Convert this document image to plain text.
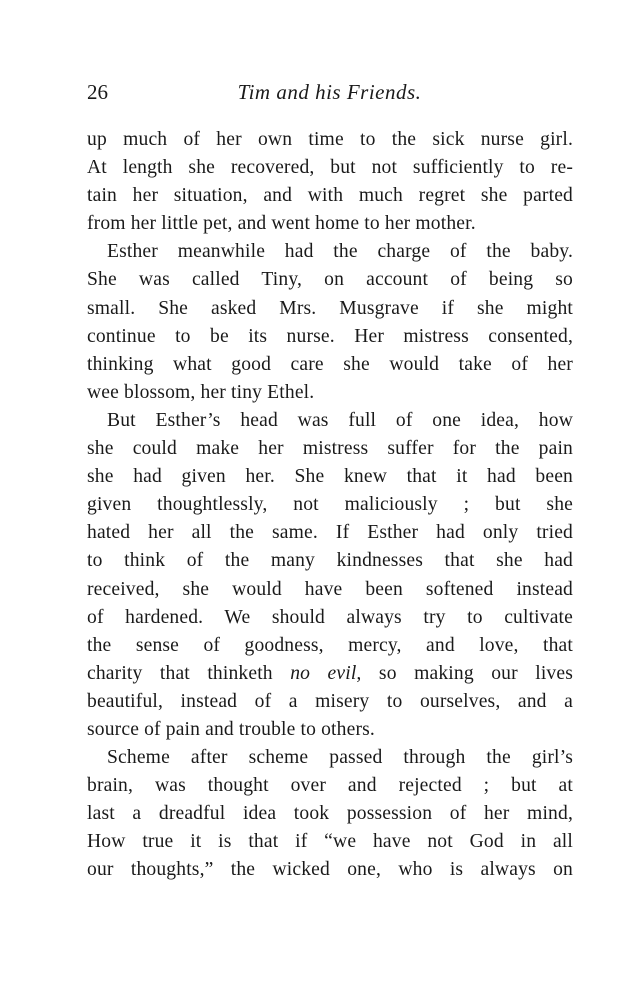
26	Tim and his Friends.
up much of her own time to the sick nurse girl.
At length she recovered, but not sufficiently to re-
tain her situation, and with much regret she parted
from her little pet, and went home to her mother.
Esther meanwhile had the charge of the baby.
She was called Tiny, on account of being so
small. She asked Mrs. Musgrave if she might
continue to be its nurse. Her mistress consented,
thinking what good care she would take of her
wee blossom, her tiny Ethel.
But Esther’s head was full of one idea, how
she could make her mistress suffer for the pain
she had given her. She knew that it had been
given thoughtlessly, not maliciously ; but she
hated her all the same. If Esther had only tried
to think of the many kindnesses that she had
received, she would have been softened instead
of hardened. We should always try to cultivate
the sense of goodness, mercy, and love, that
charity that thinketh no evil, so making our lives
beautiful, instead of a misery to ourselves, and a
source of pain and trouble to others.
Scheme after scheme passed through the girl’s
brain, was thought over and rejected ; but at
last a dreadful idea took possession of her mind,
How true it is that if “we have not God in all
our thoughts,” the wicked one, who is always on
